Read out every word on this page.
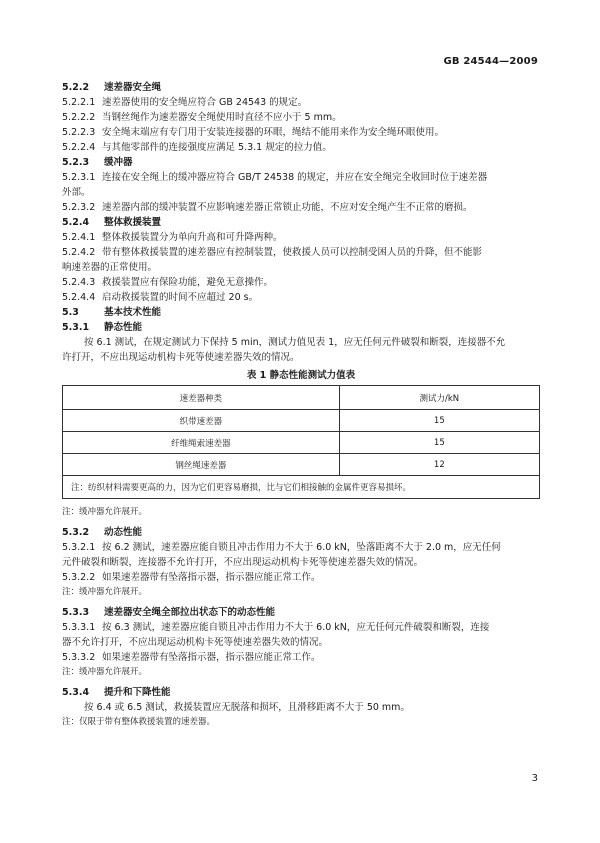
GB 24544—2009
5.2.2 速差器安全绳
5.2.2.1 速差器使用的安全绳应符合 GB 24543 的规定。
5.2.2.2 当钢丝绳作为速差器安全绳使用时直径不应小于 5 mm。
5.2.2.3 安全绳末端应有专门用于安装连接器的环眼，绳结不能用来作为安全绳环眼使用。
5.2.2.4 与其他零部件的连接强度应满足 5.3.1 规定的拉力值。
5.2.3 缓冲器
5.2.3.1 连接在安全绳上的缓冲器应符合 GB/T 24538 的规定，并应在安全绳完全收回时位于速差器
外部。
5.2.3.2 速差器内部的缓冲装置不应影响速差器正常锁止功能，不应对安全绳产生不正常的磨损。
5.2.4 整体救援装置
5.2.4.1 整体救援装置分为单向升高和可升降两种。
5.2.4.2 带有整体救援装置的速差器应有控制装置，使救援人员可以控制受困人员的升降，但不能影
响速差器的正常使用。
5.2.4.3 救援装置应有保险功能，避免无意操作。
5.2.4.4 启动救援装置的时间不应超过 20 s。
5.3	基本技术性能
5.3.1 静态性能
按 6.1 测试，在规定测试力下保持 5 min，测试力值见表 1，应无任何元件破裂和断裂，连接器不允
许打开，不应出现运动机构卡死等使速差器失效的情况。
表 1 静态性能测试力值表
速差器种类	测试力/kN
织带速差器	15
纤维绳索速差器	15
钢丝绳速差器	12
注：纺织材料需要更高的力，因为它们更容易磨损，比与它们相接触的金属件更容易损坏。	
注：缓冲器允许展开。
5.3.2 动态性能
5.3.2.1 按 6.2 测试，速差器应能自锁且冲击作用力不大于 6.0 kN，坠落距离不大于 2.0 m，应无任何
元件破裂和断裂，连接器不允许打开，不应出现运动机构卡死等使速差器失效的情况。
5.3.2.2 如果速差器带有坠落指示器，指示器应能正常工作。
注：缓冲器允许展开。
5.3.3 速差器安全绳全部拉出状态下的动态性能
5.3.3.1 按 6.3 测试，速差器应能自锁且冲击作用力不大于 6.0 kN，应无任何元件破裂和断裂，连接
器不允许打开，不应出现运动机构卡死等使速差器失效的情况。
5.3.3.2 如果速差器带有坠落指示器，指示器应能正常工作。
注：缓冲器允许展开。
5.3.4 提升和下降性能
按 6.4 或 6.5 测试，救援装置应无脱落和损坏，且滑移距离不大于 50 mm。
注：仅限于带有整体救援装置的速差器。
3
